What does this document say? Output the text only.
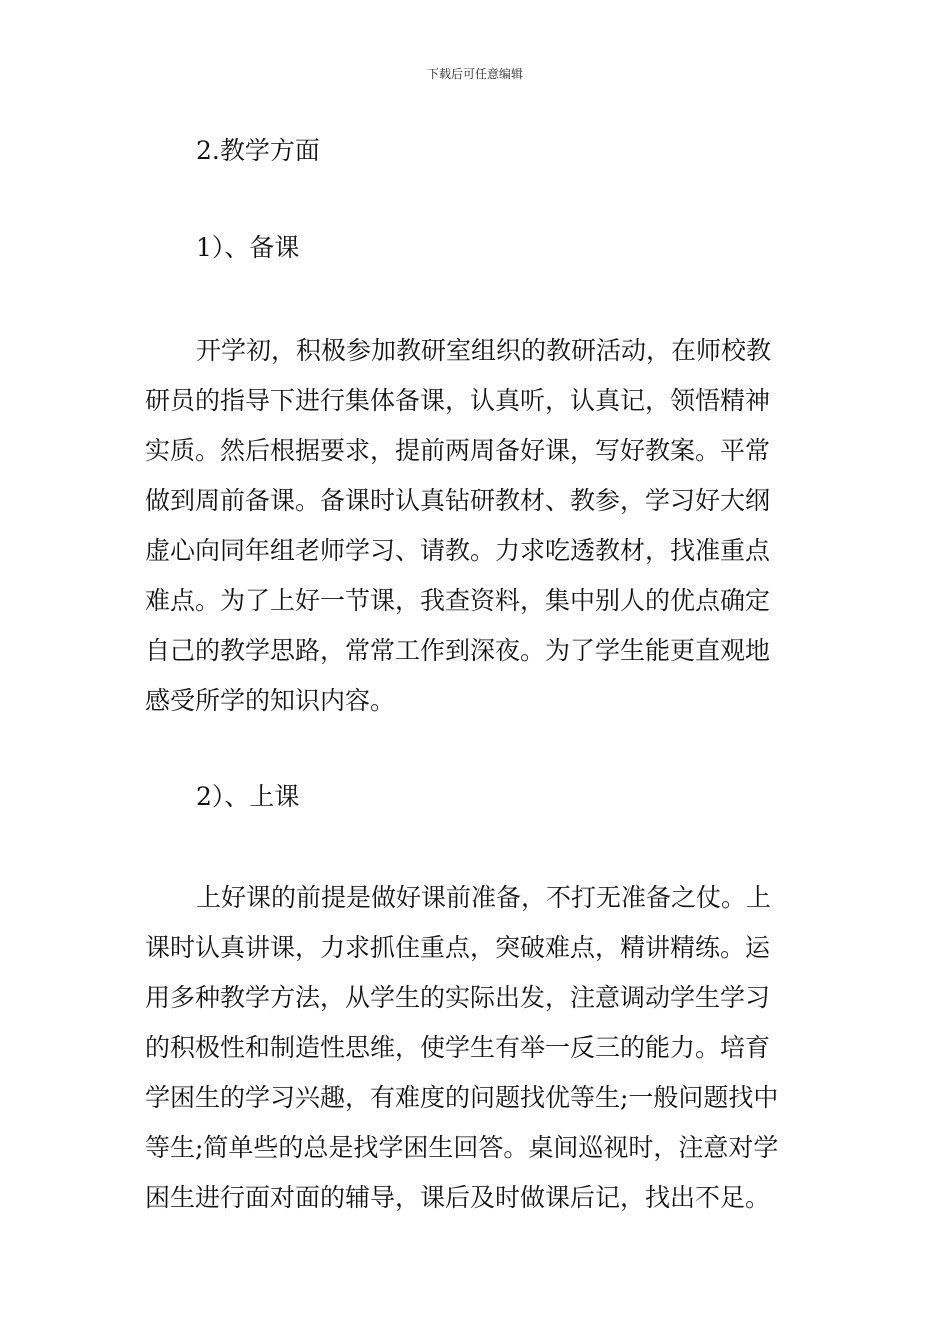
下载后可任意编辑
2.教学方面
1）、备课
开学初，积极参加教研室组织的教研活动，在师校教
研员的指导下进行集体备课，认真听，认真记，领悟精神
实质。然后根据要求，提前两周备好课，写好教案。平常
做到周前备课。备课时认真钻研教材、教参，学习好大纲
虚心向同年组老师学习、请教。力求吃透教材，找准重点
难点。为了上好一节课，我查资料，集中别人的优点确定
自己的教学思路，常常工作到深夜。为了学生能更直观地
感受所学的知识内容。
2）、上课
上好课的前提是做好课前准备，不打无准备之仗。上
课时认真讲课，力求抓住重点，突破难点，精讲精练。运
用多种教学方法，从学生的实际出发，注意调动学生学习
的积极性和制造性思维，使学生有举一反三的能力。培育
学困生的学习兴趣，有难度的问题找优等生;一般问题找中
等生;简单些的总是找学困生回答。桌间巡视时，注意对学
困生进行面对面的辅导，课后及时做课后记，找出不足。
